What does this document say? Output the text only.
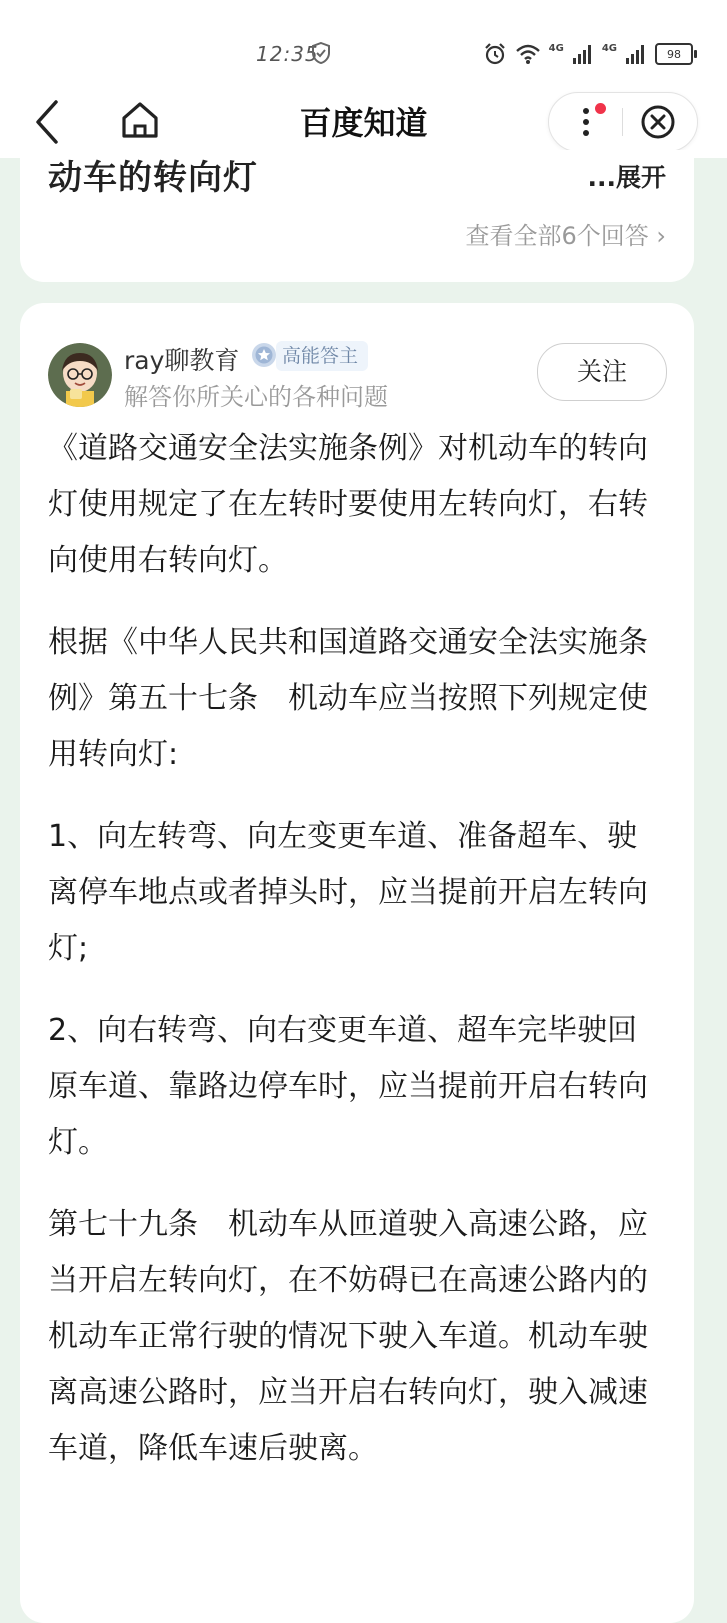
12:35	4G	4G	98
百度知道
动车的转向灯	...展开
查看全部6个回答 ›
ray聊教育	高能答主
解答你所关心的各种问题
关注

《道路交通安全法实施条例》对机动车的转向灯使用规定了在左转时要使用左转向灯，右转向使用右转向灯。

根据《中华人民共和国道路交通安全法实施条例》第五十七条　机动车应当按照下列规定使用转向灯:

1、向左转弯、向左变更车道、准备超车、驶离停车地点或者掉头时，应当提前开启左转向灯;

2、向右转弯、向右变更车道、超车完毕驶回原车道、靠路边停车时，应当提前开启右转向灯。

第七十九条　机动车从匝道驶入高速公路，应当开启左转向灯，在不妨碍已在高速公路内的机动车正常行驶的情况下驶入车道。机动车驶离高速公路时，应当开启右转向灯，驶入减速车道，降低车速后驶离。
